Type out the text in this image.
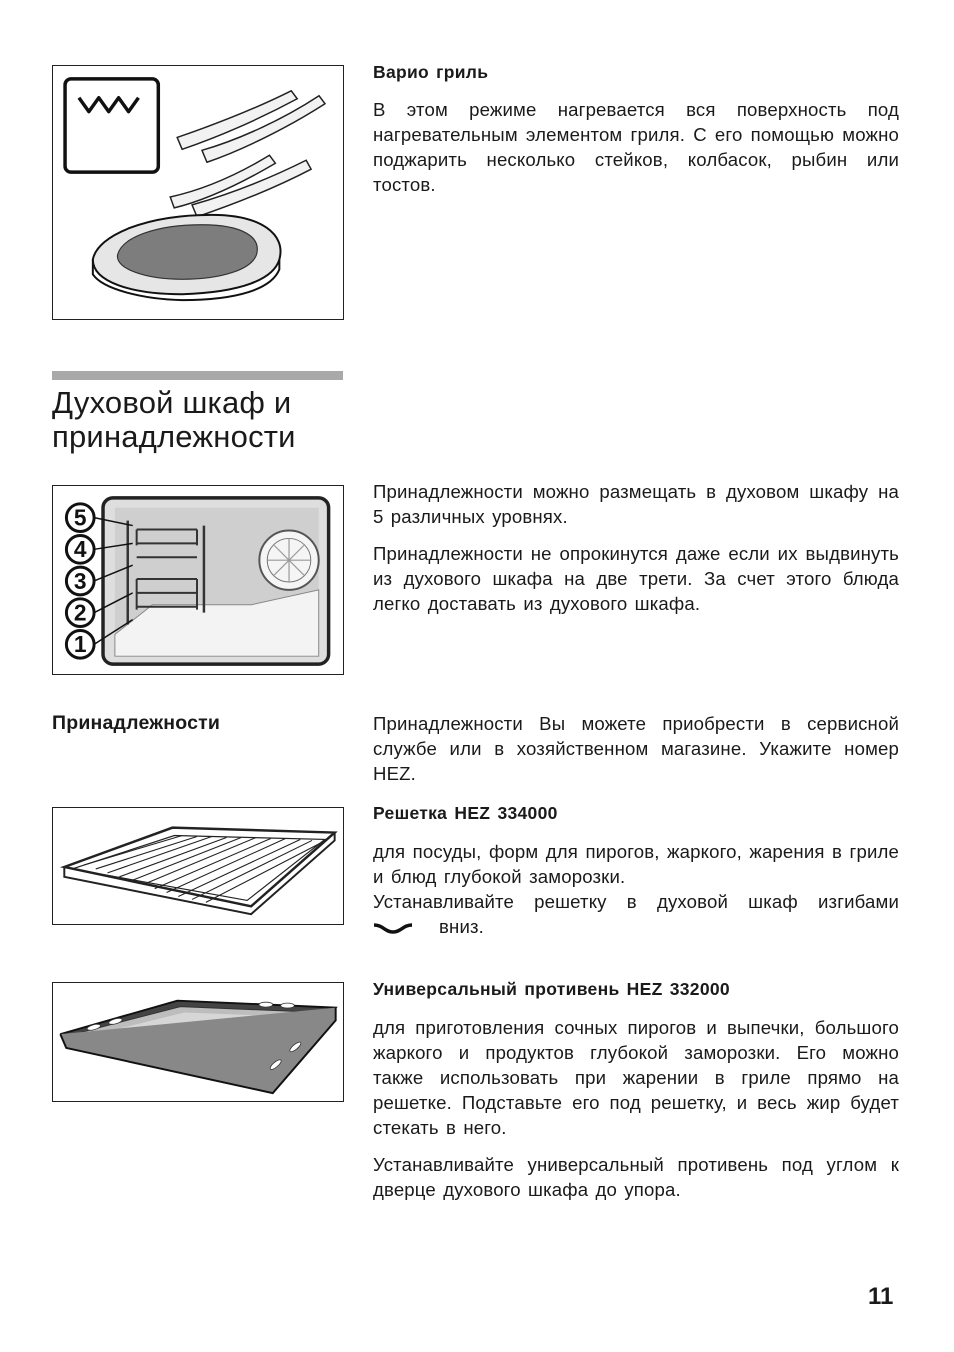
Варио гриль

В этом режиме нагревается вся поверхность под нагревательным элементом гриля. С его помощью можно поджарить несколько стейков, колбасок, рыбин или тостов.

Духовой шкаф и принадлежности
5
4
3
2
1

Принадлежности можно размещать в духовом шкафу на 5 различных уровнях.

Принадлежности не опрокинутся даже если их выдвинуть из духового шкафа на две трети. За счет этого блюда легко доставать из духового шкафа.

Принадлежности	Принадлежности Вы можете приобрести в сервисной службе или в хозяйственном магазине. Укажите номер HEZ.

Решетка HEZ 334000

для посуды, форм для пирогов, жаркого, жарения в гриле и блюд глубокой заморозки.

Устанавливайте решетку в духовой шкаф изгибами вниз.

Универсальный противень HEZ 332000

для приготовления сочных пирогов и выпечки, большого жаркого и продуктов глубокой заморозки. Его можно также использовать при жарении в гриле прямо на решетке. Подставьте его под решетку, и весь жир будет стекать в него.

Устанавливайте универсальный противень под углом к дверце духового шкафа до упора.

11
